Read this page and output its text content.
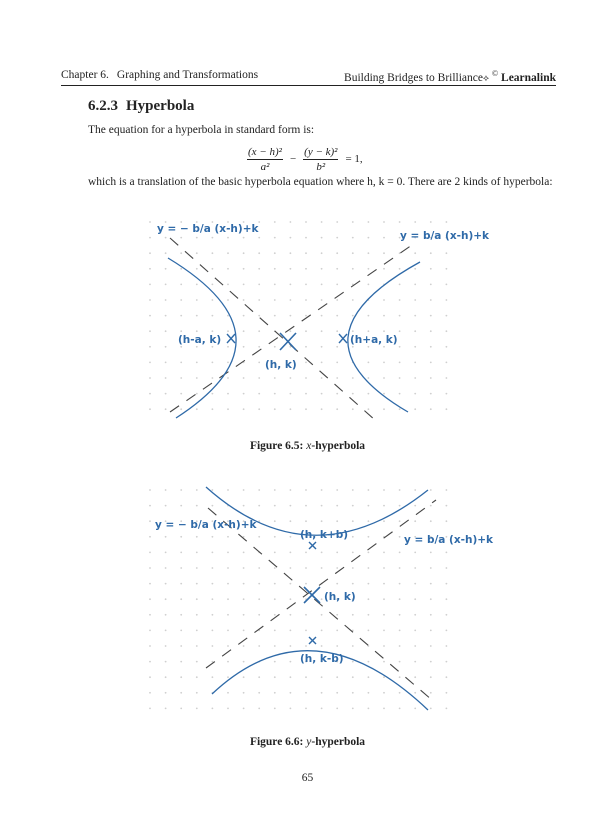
Chapter 6. Graphing and Transformations	Building Bridges to Brilliance⟡ © Learnalink
6.2.3 Hyperbola
The equation for a hyperbola in standard form is:
$\frac{\text{(x − h)²}}{\text{a²}} - \frac{\text{(y − k)²}}{\text{b²}} = 1$,
which is a translation of the basic hyperbola equation where h, k = 0. There are 2 kinds of hyperbola:
y = − b/a (x-h)+k
y = b/a (x-h)+k
(h-a, k)	(h+a, k)
(h, k)
y = − b/a (x-h)+k
y = b/a (x-h)+k
(h, k+b)
(h, k)
(h, k-b)
Figure 6.5: x-hyperbola
Figure 6.6: y-hyperbola
65
